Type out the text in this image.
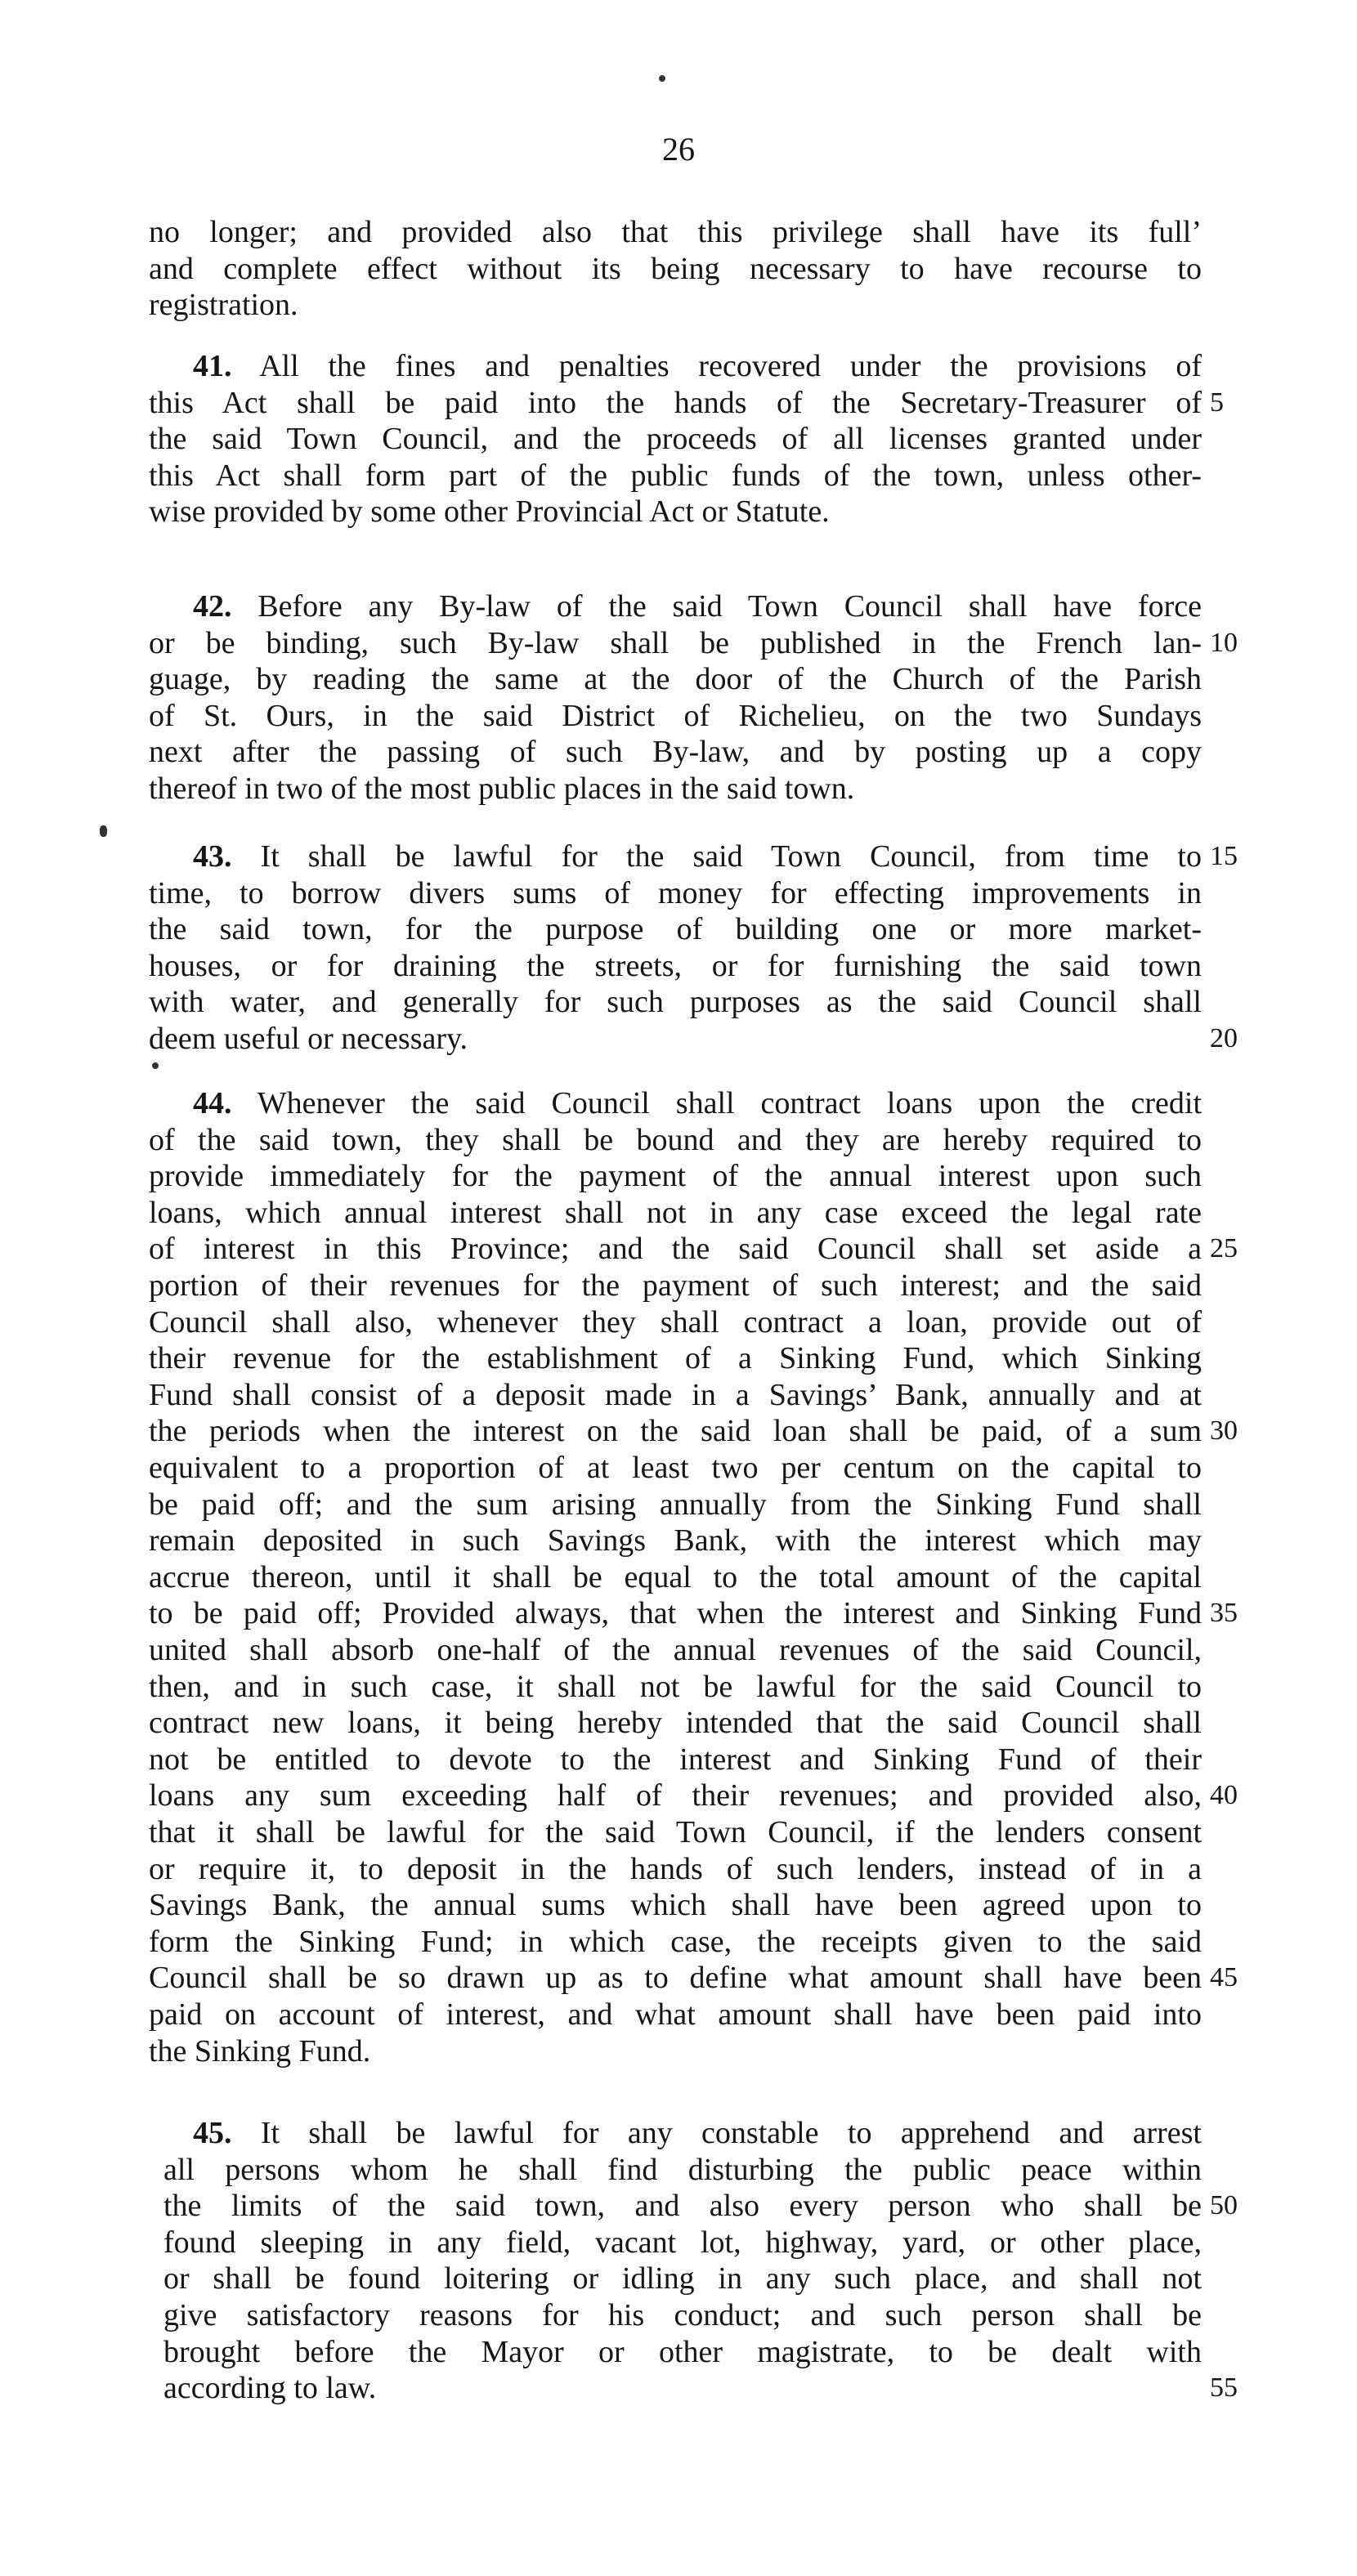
26
no longer; and provided also that this privilege shall have its full’
and complete effect without its being necessary to have recourse to
registration.
41. All the fines and penalties recovered under the provisions of
this Act shall be paid into the hands of the Secretary-Treasurer of
the said Town Council, and the proceeds of all licenses granted under
this Act shall form part of the public funds of the town, unless other-
wise provided by some other Provincial Act or Statute.
5
42. Before any By-law of the said Town Council shall have force
or be binding, such By-law shall be published in the French lan-
guage, by reading the same at the door of the Church of the Parish
of St. Ours, in the said District of Richelieu, on the two Sundays
next after the passing of such By-law, and by posting up a copy
thereof in two of the most public places in the said town.
10
43. It shall be lawful for the said Town Council, from time to
time, to borrow divers sums of money for effecting improvements in
the said town, for the purpose of building one or more market-
houses, or for draining the streets, or for furnishing the said town
with water, and generally for such purposes as the said Council shall
deem useful or necessary.
15
20
44. Whenever the said Council shall contract loans upon the credit
of the said town, they shall be bound and they are hereby required to
provide immediately for the payment of the annual interest upon such
loans, which annual interest shall not in any case exceed the legal rate
of interest in this Province; and the said Council shall set aside a
portion of their revenues for the payment of such interest; and the said
Council shall also, whenever they shall contract a loan, provide out of
their revenue for the establishment of a Sinking Fund, which Sinking
Fund shall consist of a deposit made in a Savings’ Bank, annually and at
the periods when the interest on the said loan shall be paid, of a sum
equivalent to a proportion of at least two per centum on the capital to
be paid off; and the sum arising annually from the Sinking Fund shall
remain deposited in such Savings Bank, with the interest which may
accrue thereon, until it shall be equal to the total amount of the capital
to be paid off; Provided always, that when the interest and Sinking Fund
united shall absorb one-half of the annual revenues of the said Council,
then, and in such case, it shall not be lawful for the said Council to
contract new loans, it being hereby intended that the said Council shall
not be entitled to devote to the interest and Sinking Fund of their
loans any sum exceeding half of their revenues; and provided also,
that it shall be lawful for the said Town Council, if the lenders consent
or require it, to deposit in the hands of such lenders, instead of in a
Savings Bank, the annual sums which shall have been agreed upon to
form the Sinking Fund; in which case, the receipts given to the said
Council shall be so drawn up as to define what amount shall have been
paid on account of interest, and what amount shall have been paid into
the Sinking Fund.
25
30
35
40
45
45. It shall be lawful for any constable to apprehend and arrest
all persons whom he shall find disturbing the public peace within
the limits of the said town, and also every person who shall be
found sleeping in any field, vacant lot, highway, yard, or other place,
or shall be found loitering or idling in any such place, and shall not
give satisfactory reasons for his conduct; and such person shall be
brought before the Mayor or other magistrate, to be dealt with
according to law.
50
55
